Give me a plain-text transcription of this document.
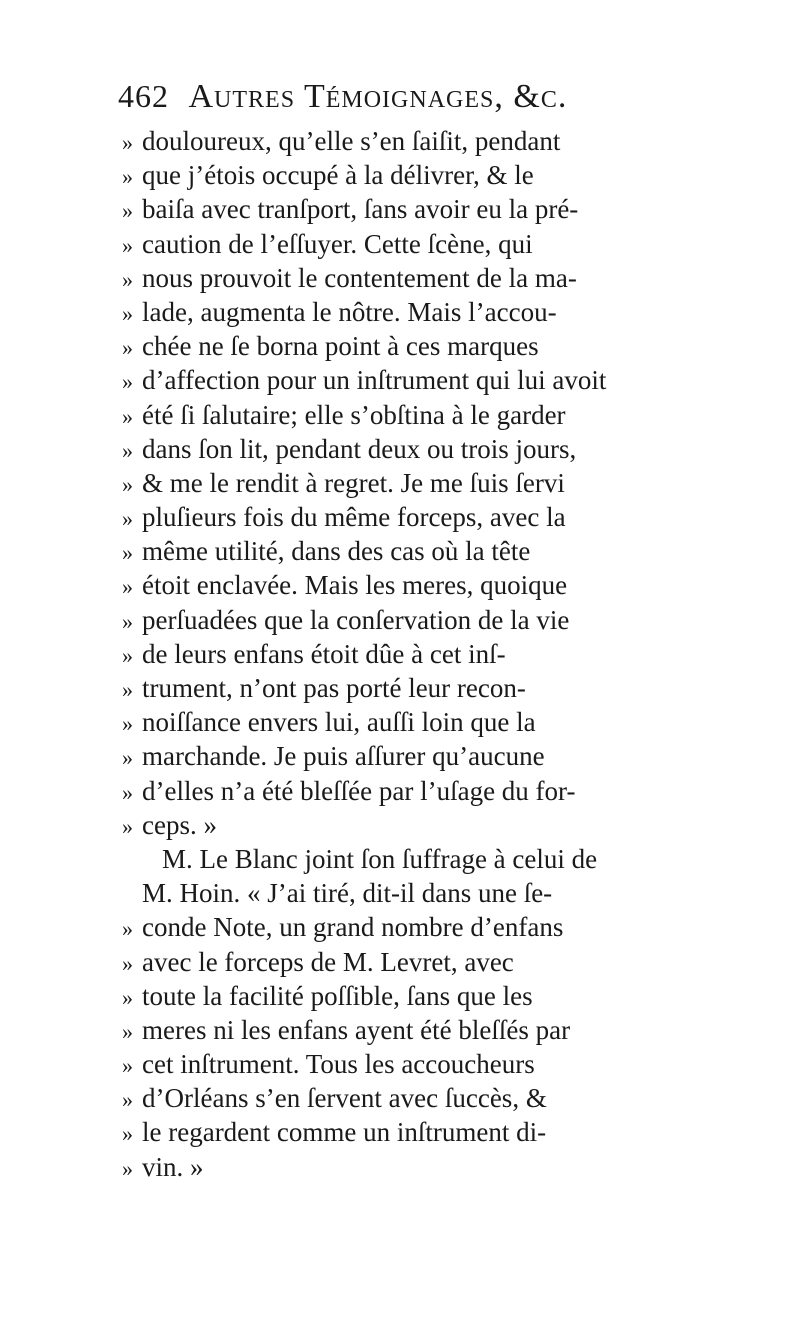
462 Autres Témoignages, &c.
» douloureux, qu’elle s’en ſaiſit, pendant
» que j’étois occupé à la délivrer, & le
» baiſa avec tranſport, ſans avoir eu la pré-
» caution de l’eſſuyer. Cette ſcène, qui
» nous prouvoit le contentement de la ma-
» lade, augmenta le nôtre. Mais l’accou-
» chée ne ſe borna point à ces marques
» d’affection pour un inſtrument qui lui avoit
» été ſi ſalutaire; elle s’obſtina à le garder
» dans ſon lit, pendant deux ou trois jours,
» & me le rendit à regret. Je me ſuis ſervi
» pluſieurs fois du même forceps, avec la
» même utilité, dans des cas où la tête
» étoit enclavée. Mais les meres, quoique
» perſuadées que la conſervation de la vie
» de leurs enfans étoit dûe à cet inſ-
» trument, n’ont pas porté leur recon-
» noiſſance envers lui, auſſi loin que la
» marchande. Je puis aſſurer qu’aucune
» d’elles n’a été bleſſée par l’uſage du for-
» ceps. »
M. Le Blanc joint ſon ſuffrage à celui de
M. Hoin. « J’ai tiré, dit-il dans une ſe-
» conde Note, un grand nombre d’enfans
» avec le forceps de M. Levret, avec
» toute la facilité poſſible, ſans que les
» meres ni les enfans ayent été bleſſés par
» cet inſtrument. Tous les accoucheurs
» d’Orléans s’en ſervent avec ſuccès, &
» le regardent comme un inſtrument di-
» vin. »
